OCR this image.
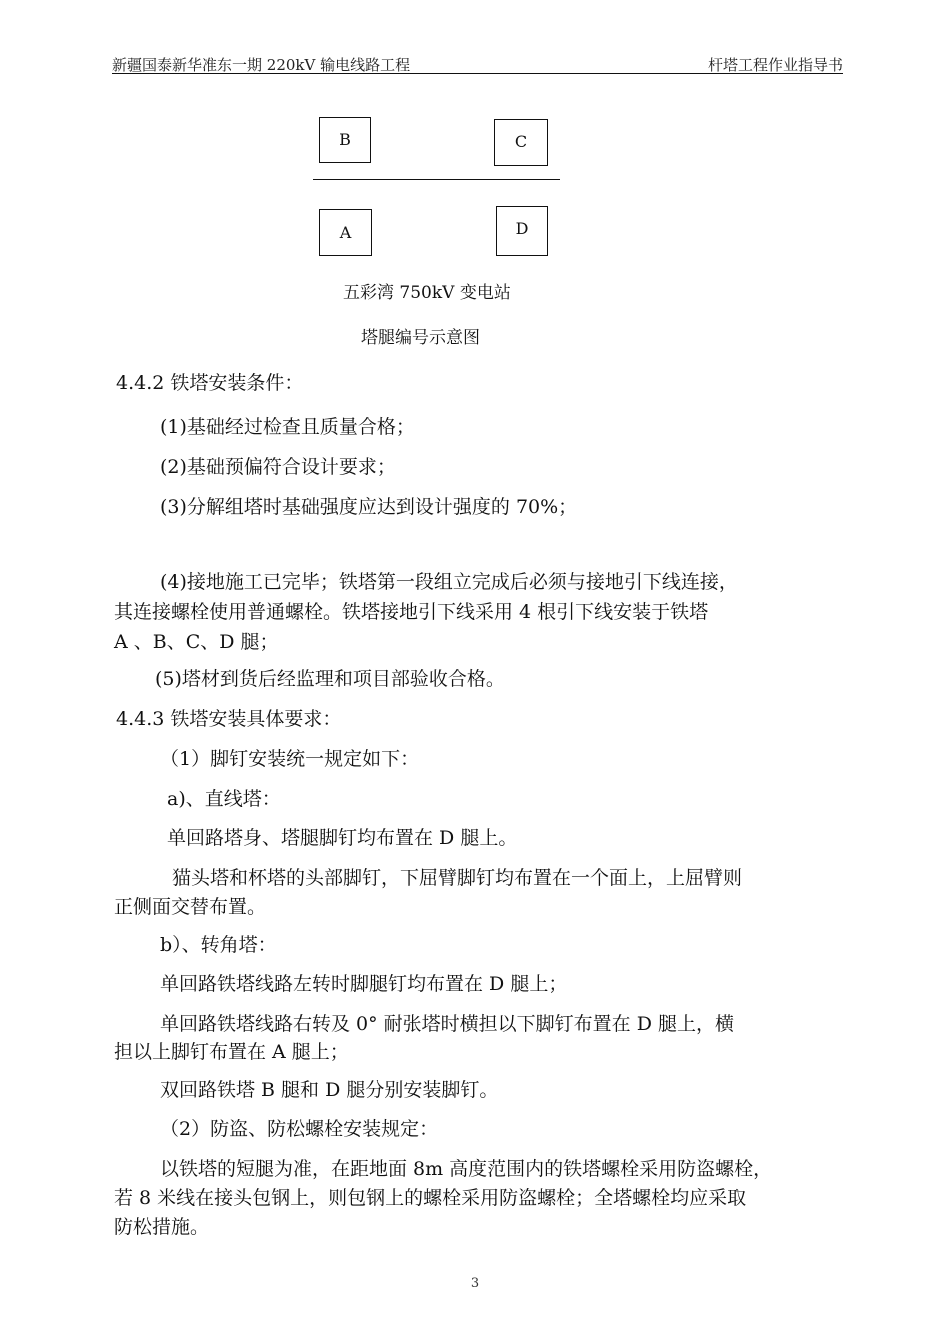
新疆国泰新华准东一期 220kV 输电线路工程	杆塔工程作业指导书
B	C
A	D
五彩湾 750kV 变电站
塔腿编号示意图
4.4.2 铁塔安装条件：
(1)基础经过检查且质量合格；
(2)基础预偏符合设计要求；
(3)分解组塔时基础强度应达到设计强度的 70%；
(4)接地施工已完毕；铁塔第一段组立完成后必须与接地引下线连接，
其连接螺栓使用普通螺栓。铁塔接地引下线采用 4 根引下线安装于铁塔
A 、B、C、D 腿；
(5)塔材到货后经监理和项目部验收合格。
4.4.3 铁塔安装具体要求：
（1）脚钉安装统一规定如下：
a)、直线塔：
单回路塔身、塔腿脚钉均布置在 D 腿上。
猫头塔和杯塔的头部脚钉，下屈臂脚钉均布置在一个面上，上屈臂则
正侧面交替布置。
b）、转角塔：
单回路铁塔线路左转时脚腿钉均布置在 D 腿上；
单回路铁塔线路右转及 0° 耐张塔时横担以下脚钉布置在 D 腿上，横
担以上脚钉布置在 A 腿上；
双回路铁塔 B 腿和 D 腿分别安装脚钉。
（2）防盗、防松螺栓安装规定：
以铁塔的短腿为准，在距地面 8m 高度范围内的铁塔螺栓采用防盗螺栓，
若 8 米线在接头包钢上，则包钢上的螺栓采用防盗螺栓；全塔螺栓均应采取
防松措施。
3
